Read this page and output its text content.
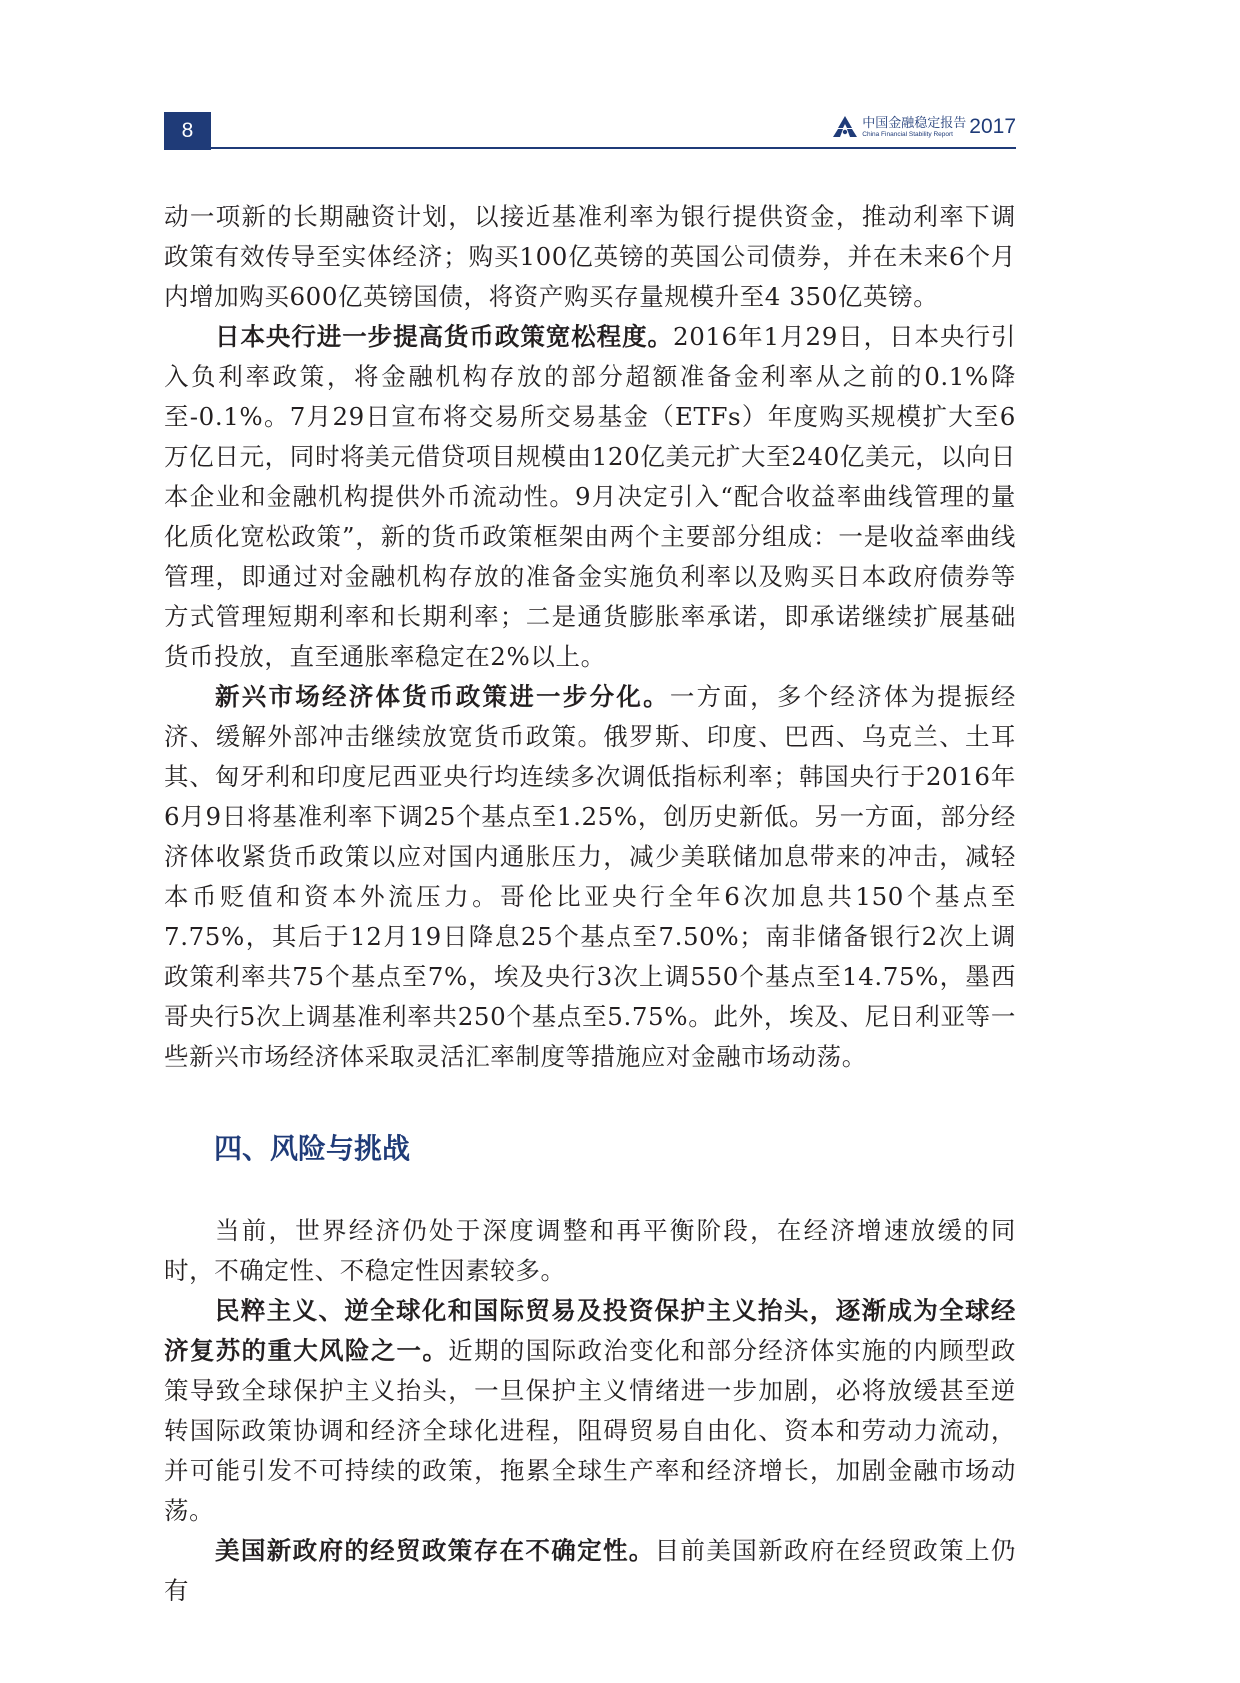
8	中国金融稳定报告
China Financial Stability Report 2017

动一项新的长期融资计划，以接近基准利率为银行提供资金，推动利率下调政策有效传导至实体经济；购买100亿英镑的英国公司债券，并在未来6个月内增加购买600亿英镑国债，将资产购买存量规模升至4 350亿英镑。

日本央行进一步提高货币政策宽松程度。2016年1月29日，日本央行引入负利率政策，将金融机构存放的部分超额准备金利率从之前的0.1%降至-0.1%。7月29日宣布将交易所交易基金（ETFs）年度购买规模扩大至6万亿日元，同时将美元借贷项目规模由120亿美元扩大至240亿美元，以向日本企业和金融机构提供外币流动性。9月决定引入“配合收益率曲线管理的量化质化宽松政策”，新的货币政策框架由两个主要部分组成：一是收益率曲线管理，即通过对金融机构存放的准备金实施负利率以及购买日本政府债券等方式管理短期利率和长期利率；二是通货膨胀率承诺，即承诺继续扩展基础货币投放，直至通胀率稳定在2%以上。

新兴市场经济体货币政策进一步分化。一方面，多个经济体为提振经济、缓解外部冲击继续放宽货币政策。俄罗斯、印度、巴西、乌克兰、土耳其、匈牙利和印度尼西亚央行均连续多次调低指标利率；韩国央行于2016年6月9日将基准利率下调25个基点至1.25%，创历史新低。另一方面，部分经济体收紧货币政策以应对国内通胀压力，减少美联储加息带来的冲击，减轻本币贬值和资本外流压力。哥伦比亚央行全年6次加息共150个基点至7.75%，其后于12月19日降息25个基点至7.50%；南非储备银行2次上调政策利率共75个基点至7%，埃及央行3次上调550个基点至14.75%，墨西哥央行5次上调基准利率共250个基点至5.75%。此外，埃及、尼日利亚等一些新兴市场经济体采取灵活汇率制度等措施应对金融市场动荡。

四、风险与挑战

当前，世界经济仍处于深度调整和再平衡阶段，在经济增速放缓的同时，不确定性、不稳定性因素较多。

民粹主义、逆全球化和国际贸易及投资保护主义抬头，逐渐成为全球经济复苏的重大风险之一。近期的国际政治变化和部分经济体实施的内顾型政策导致全球保护主义抬头，一旦保护主义情绪进一步加剧，必将放缓甚至逆转国际政策协调和经济全球化进程，阻碍贸易自由化、资本和劳动力流动，并可能引发不可持续的政策，拖累全球生产率和经济增长，加剧金融市场动荡。

美国新政府的经贸政策存在不确定性。目前美国新政府在经贸政策上仍有
